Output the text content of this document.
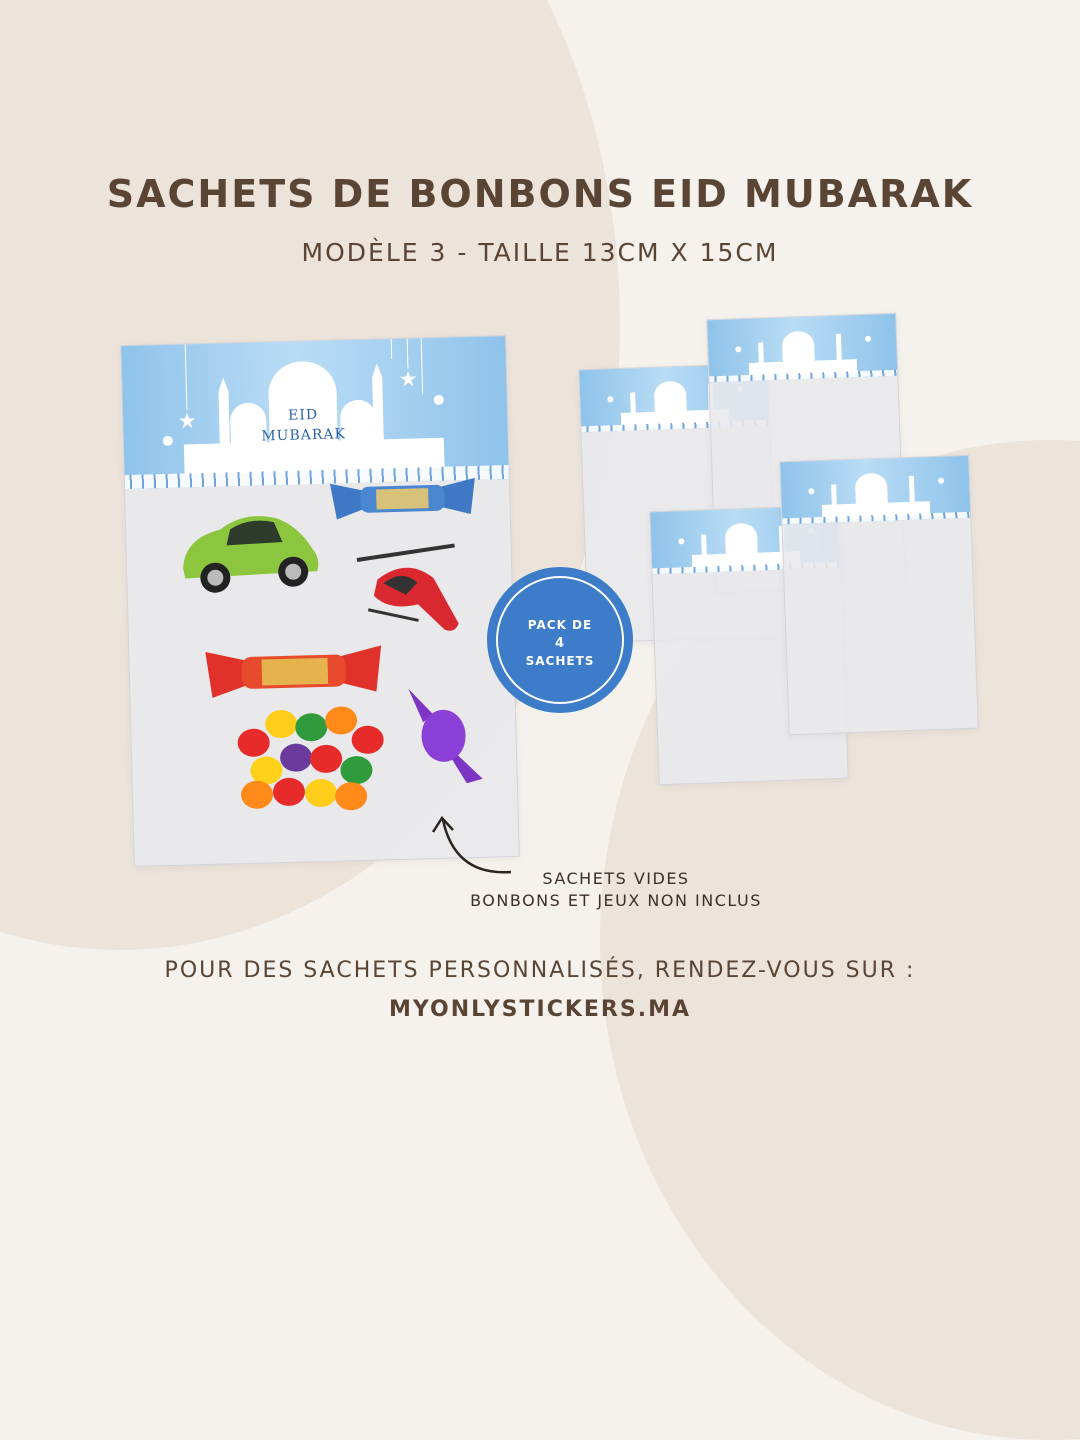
SACHETS DE BONBONS EID MUBARAK
MODÈLE 3 - TAILLE 13CM X 15CM
EID
MUBARAK
PACK DE
4
SACHETS
SACHETS VIDES
BONBONS ET JEUX NON INCLUS
POUR DES SACHETS PERSONNALISÉS, RENDEZ-VOUS SUR :
MYONLYSTICKERS.MA
